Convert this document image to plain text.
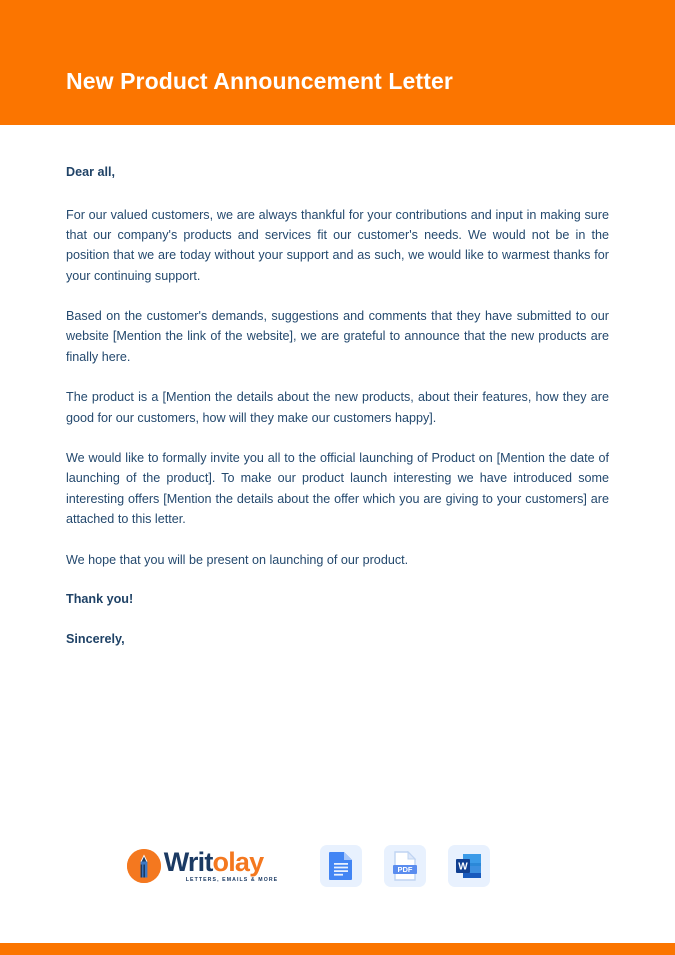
New Product Announcement Letter

Dear all,

For our valued customers, we are always thankful for your contributions and input in making sure that our company's products and services fit our customer's needs. We would not be in the position that we are today without your support and as such, we would like to warmest thanks for your continuing support.

Based on the customer's demands, suggestions and comments that they have submitted to our website [Mention the link of the website], we are grateful to announce that the new products are finally here.

The product is a [Mention the details about the new products, about their features, how they are good for our customers, how will they make our customers happy].

We would like to formally invite you all to the official launching of Product on [Mention the date of launching of the product]. To make our product launch interesting we have introduced some interesting offers [Mention the details about the offer which you are giving to your customers] are attached to this letter.

We hope that you will be present on launching of our product.

Thank you!

Sincerely,

Writolay
LETTERS, EMAILS & MORE
PDF	W
